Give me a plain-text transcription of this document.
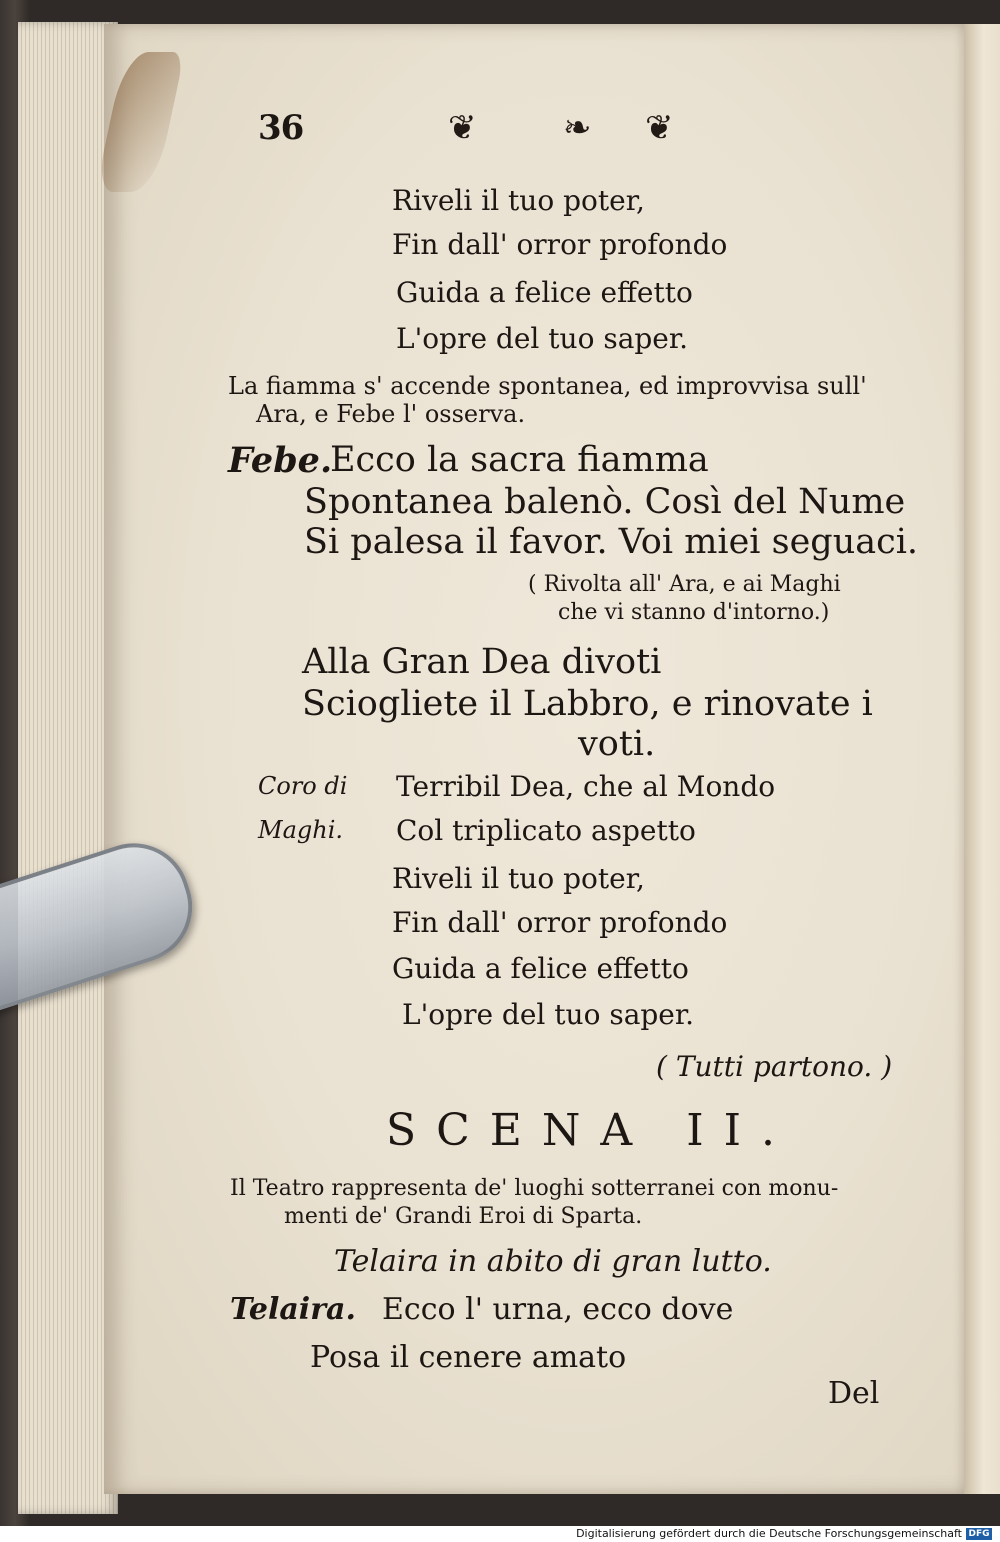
36	❦	❧ ❦
Riveli il tuo poter,
Fin dall' orror profondo
Guida a felice effetto
L'opre del tuo saper.
La fiamma s' accende spontanea, ed improvvisa sull'
Ara, e Febe l' osserva.
Febe.
Ecco la sacra fiamma
Spontanea balenò. Così del Nume
Si palesa il favor. Voi miei seguaci.
( Rivolta all' Ara, e ai Maghi
che vi stanno d'intorno.)
Alla Gran Dea divoti
Sciogliete il Labbro, e rinovate i
voti.
Coro di
Maghi.
Terribil Dea, che al Mondo
Col triplicato aspetto
Riveli il tuo poter,
Fin dall' orror profondo
Guida a felice effetto
L'opre del tuo saper.
( Tutti partono. )
SCENA II.
Il Teatro rappresenta de' luoghi sotterranei con monu-
menti de' Grandi Eroi di Sparta.
Telaira in abito di gran lutto.
Telaira. Ecco l' urna, ecco dove
Posa il cenere amato
Del
Digitalisierung gefördert durch die Deutsche Forschungsgemeinschaft DFG
